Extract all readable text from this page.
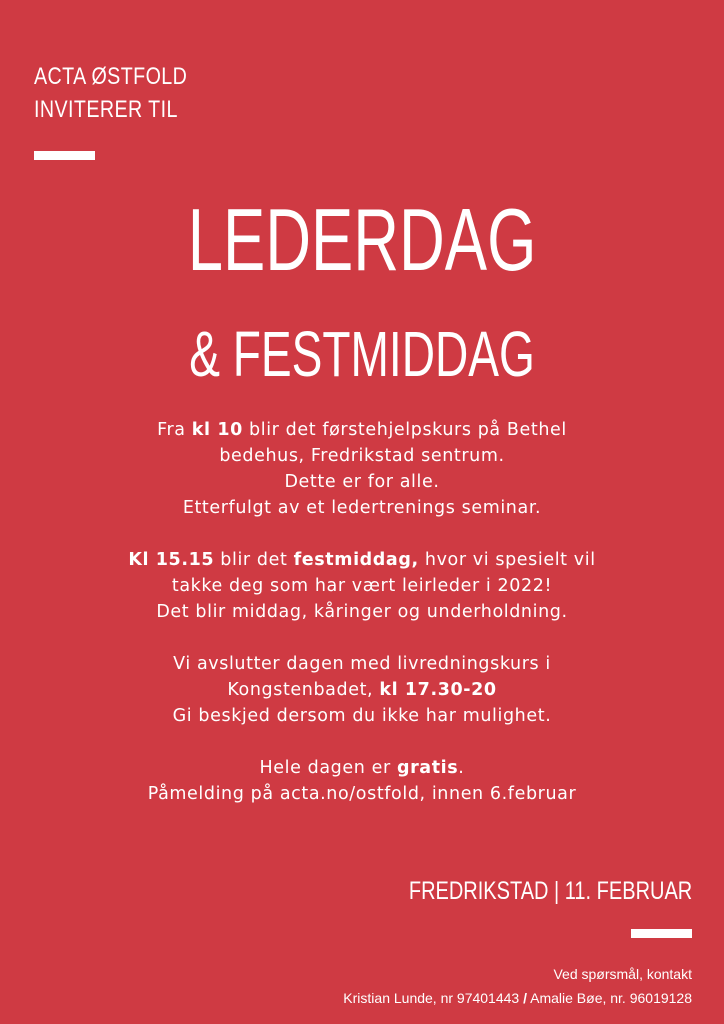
ACTA ØSTFOLD
INVITERER TIL
LEDERDAG
& FESTMIDDAG

Fra kl 10 blir det førstehjelpskurs på Bethel

bedehus, Fredrikstad sentrum.

Dette er for alle.

Etterfulgt av et ledertrenings seminar.

Kl 15.15 blir det festmiddag, hvor vi spesielt vil

takke deg som har vært leirleder i 2022!

Det blir middag, kåringer og underholdning.

Vi avslutter dagen med livredningskurs i

Kongstenbadet, kl 17.30-20

Gi beskjed dersom du ikke har mulighet.

Hele dagen er gratis.

Påmelding på acta.no/ostfold, innen 6.februar

FREDRIKSTAD | 11. FEBRUAR
Ved spørsmål, kontakt
Kristian Lunde, nr 97401443 / Amalie Bøe, nr. 96019128
